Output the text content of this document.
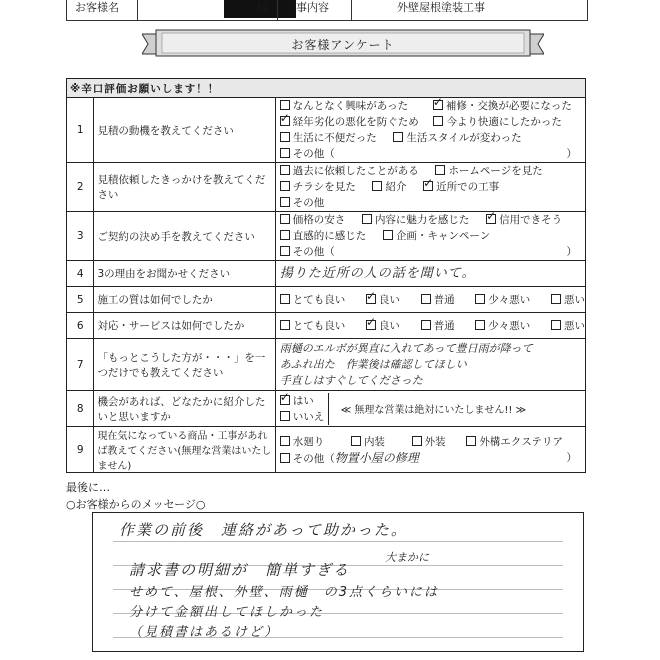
お客様名	様 工事内容	外壁屋根塗装工事
お客様アンケート
※辛口評価お願いします！！		
1	見積の動機を教えてください	なんとなく興味があった ✓ 補修・交換が必要になった
✓経年劣化の悪化を防ぐため 今より快適にしたかった
生活に不便だった 生活スタイルが変わった
その他（ ）

2	見積依頼したきっかけを教えてください	過去に依頼したことがある ホームページを見た
チラシを見た 紹介 ✓ 近所での工事
その他

3	ご契約の決め手を教えてください	価格の安さ 内容に魅力を感じた ✓ 信用できそう
直感的に感じた 企画・キャンペーン
その他（ ）

4	3の理由をお聞かせください	揚りた近所の人の話を聞いて。

5	施工の質は如何でしたか	とても良い ✓ 良い 普通 少々悪い 悪い

6	対応・サービスは如何でしたか	とても良い ✓ 良い 普通 少々悪い 悪い

7	「もっとこうした方が・・・」を一つだけでも教えてください	雨樋のエルボが異直に入れてあって豊日雨が降って
あふれ出た　作業後は確認してほしい
手直しはすぐしてくださった

8	機会があれば、どなたかに紹介したいと思いますか	
✓はい
いいえ ≪ 無理な営業は絶対にいたしません!! ≫

9	現在気になっている商品・工事があれば教えてください(無理な営業はいたしません)	水廻り 内装 外装 外構エクステリア
その他（物置小屋の修理 ）
最後に…
○お客様からのメッセージ○
作業の前後　連絡があって助かった。
大まかに
請求書の明細が　簡単すぎる
せめて、屋根、外壁、雨樋　の3点くらいには
分けて金額出してほしかった
（見積書はあるけど）
